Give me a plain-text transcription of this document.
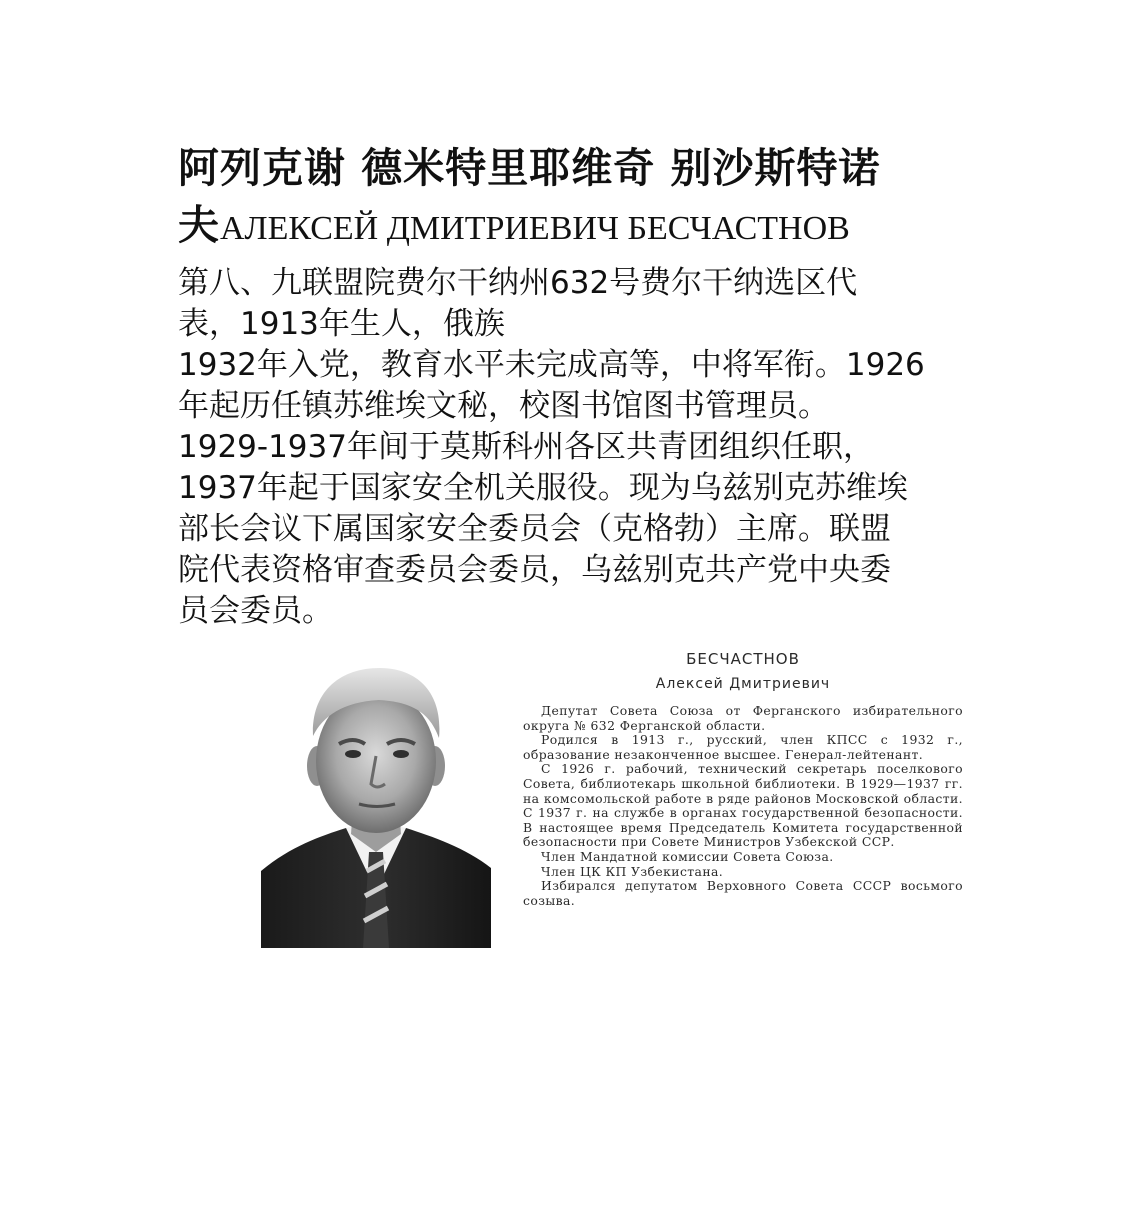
阿列克谢 德米特里耶维奇 别沙斯特诺
夫АЛЕКСЕЙ ДМИТРИЕВИЧ БЕСЧАСТНОВ

第八、九联盟院费尔干纳州632号费尔干纳选区代

表，1913年生人，俄族

1932年入党，教育水平未完成高等，中将军衔。1926

年起历任镇苏维埃文秘，校图书馆图书管理员。

1929-1937年间于莫斯科州各区共青团组织任职，

1937年起于国家安全机关服役。现为乌兹别克苏维埃

部长会议下属国家安全委员会（克格勃）主席。联盟

院代表资格审查委员会委员，乌兹别克共产党中央委

员会委员。

БЕСЧАСТНОВ
Алексей Дмитриевич

Депутат Совета Союза от Ферганского избирательного округа № 632 Ферганской области.

Родился в 1913 г., русский, член КПСС с 1932 г., образование незаконченное высшее. Генерал-лейтенант.

С 1926 г. рабочий, технический секретарь поселкового Совета, библиотекарь школьной библиотеки. В 1929—1937 гг. на комсомольской работе в ряде районов Московской области. С 1937 г. на службе в органах государственной безопасности. В настоящее время Председатель Комитета государственной безопасности при Совете Министров Узбекской ССР.

Член Мандатной комиссии Совета Союза.

Член ЦК КП Узбекистана.

Избирался депутатом Верховного Совета СССР восьмого созыва.
